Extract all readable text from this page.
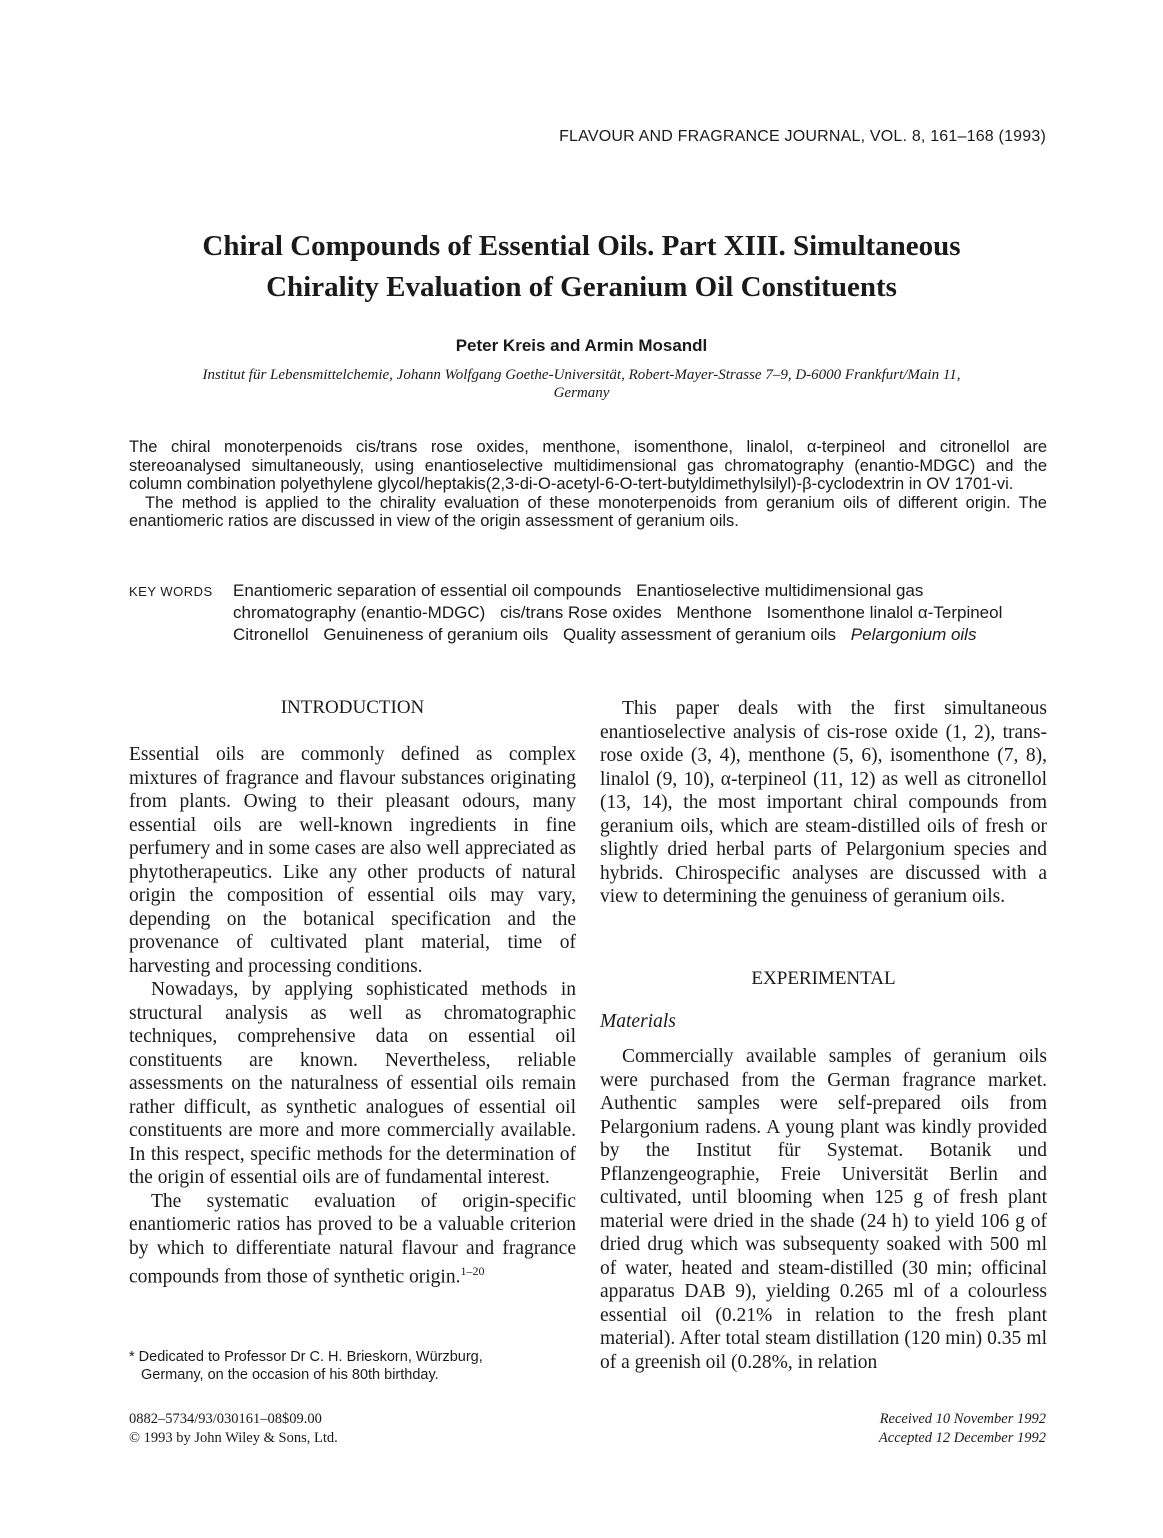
FLAVOUR AND FRAGRANCE JOURNAL, VOL. 8, 161–168 (1993)
Chiral Compounds of Essential Oils. Part XIII. Simultaneous
Chirality Evaluation of Geranium Oil Constituents
Peter Kreis and Armin Mosandl
Institut für Lebensmittelchemie, Johann Wolfgang Goethe-Universität, Robert-Mayer-Strasse 7–9, D-6000 Frankfurt/Main 11,
Germany

The chiral monoterpenoids cis/trans rose oxides, menthone, isomenthone, linalol, α-terpineol and citronellol are stereoanalysed simultaneously, using enantioselective multidimensional gas chromatography (enantio-MDGC) and the column combination polyethylene glycol/heptakis(2,3-di-O-acetyl-6-O-tert-butyldimethylsilyl)-β-cyclodextrin in OV 1701-vi.

The method is applied to the chirality evaluation of these monoterpenoids from geranium oils of different origin. The enantiomeric ratios are discussed in view of the origin assessment of geranium oils.

KEY WORDS Enantiomeric separation of essential oil compounds Enantioselective multidimensional gas chromatography (enantio-MDGC) cis/trans Rose oxides Menthone Isomenthone linalol α-Terpineol Citronellol Genuineness of geranium oils Quality assessment of geranium oils Pelargonium oils
INTRODUCTION

Essential oils are commonly defined as complex mixtures of fragrance and flavour substances originating from plants. Owing to their pleasant odours, many essential oils are well-known ingredients in fine perfumery and in some cases are also well appreciated as phytotherapeutics. Like any other products of natural origin the composition of essential oils may vary, depending on the botanical specification and the provenance of cultivated plant material, time of harvesting and processing conditions.

Nowadays, by applying sophisticated methods in structural analysis as well as chromatographic techniques, comprehensive data on essential oil constituents are known. Nevertheless, reliable assessments on the naturalness of essential oils remain rather difficult, as synthetic analogues of essential oil constituents are more and more commercially available. In this respect, specific methods for the determination of the origin of essential oils are of fundamental interest.

The systematic evaluation of origin-specific enantiomeric ratios has proved to be a valuable criterion by which to differentiate natural flavour and fragrance compounds from those of synthetic origin.$^{1-20}$

* Dedicated to Professor Dr C. H. Brieskorn, Würzburg,
Germany, on the occasion of his 80th birthday.

This paper deals with the first simultaneous enantioselective analysis of cis-rose oxide (1, 2), trans-rose oxide (3, 4), menthone (5, 6), isomenthone (7, 8), linalol (9, 10), α-terpineol (11, 12) as well as citronellol (13, 14), the most important chiral compounds from geranium oils, which are steam-distilled oils of fresh or slightly dried herbal parts of Pelargonium species and hybrids. Chirospecific analyses are discussed with a view to determining the genuiness of geranium oils.

EXPERIMENTAL
Materials

Commercially available samples of geranium oils were purchased from the German fragrance market. Authentic samples were self-prepared oils from Pelargonium radens. A young plant was kindly provided by the Institut für Systemat. Botanik und Pflanzengeographie, Freie Universität Berlin and cultivated, until blooming when 125 g of fresh plant material were dried in the shade (24 h) to yield 106 g of dried drug which was subsequenty soaked with 500 ml of water, heated and steam-distilled (30 min; officinal apparatus DAB 9), yielding 0.265 ml of a colourless essential oil (0.21% in relation to the fresh plant material). After total steam distillation (120 min) 0.35 ml of a greenish oil (0.28%, in relation

0882–5734/93/030161–08$09.00
© 1993 by John Wiley & Sons, Ltd.
Received 10 November 1992
Accepted 12 December 1992
